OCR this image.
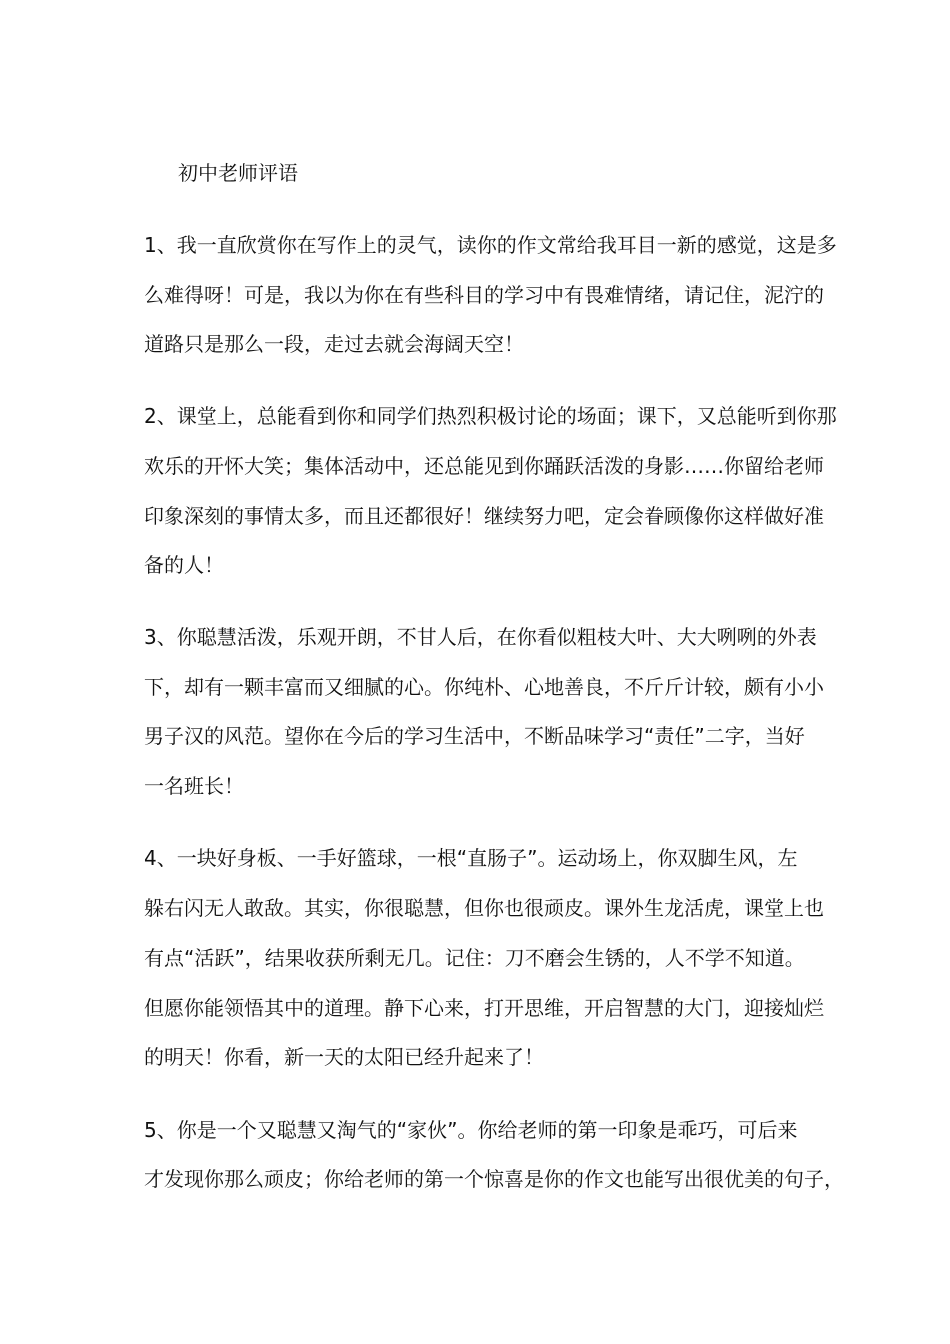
初中老师评语
1、我一直欣赏你在写作上的灵气，读你的作文常给我耳目一新的感觉，这是多
么难得呀！可是，我以为你在有些科目的学习中有畏难情绪，请记住，泥泞的
道路只是那么一段，走过去就会海阔天空！
2、课堂上，总能看到你和同学们热烈积极讨论的场面；课下，又总能听到你那
欢乐的开怀大笑；集体活动中，还总能见到你踊跃活泼的身影……你留给老师
印象深刻的事情太多，而且还都很好！继续努力吧，定会眷顾像你这样做好准
备的人！
3、你聪慧活泼，乐观开朗，不甘人后，在你看似粗枝大叶、大大咧咧的外表
下，却有一颗丰富而又细腻的心。你纯朴、心地善良，不斤斤计较，颇有小小
男子汉的风范。望你在今后的学习生活中，不断品味学习“责任”二字，当好
一名班长！
4、一块好身板、一手好篮球，一根“直肠子”。运动场上，你双脚生风，左
躲右闪无人敢敌。其实，你很聪慧，但你也很顽皮。课外生龙活虎，课堂上也
有点“活跃”，结果收获所剩无几。记住：刀不磨会生锈的，人不学不知道。
但愿你能领悟其中的道理。静下心来，打开思维，开启智慧的大门，迎接灿烂
的明天！你看，新一天的太阳已经升起来了！
5、你是一个又聪慧又淘气的“家伙”。你给老师的第一印象是乖巧，可后来
才发现你那么顽皮；你给老师的第一个惊喜是你的作文也能写出很优美的句子，
